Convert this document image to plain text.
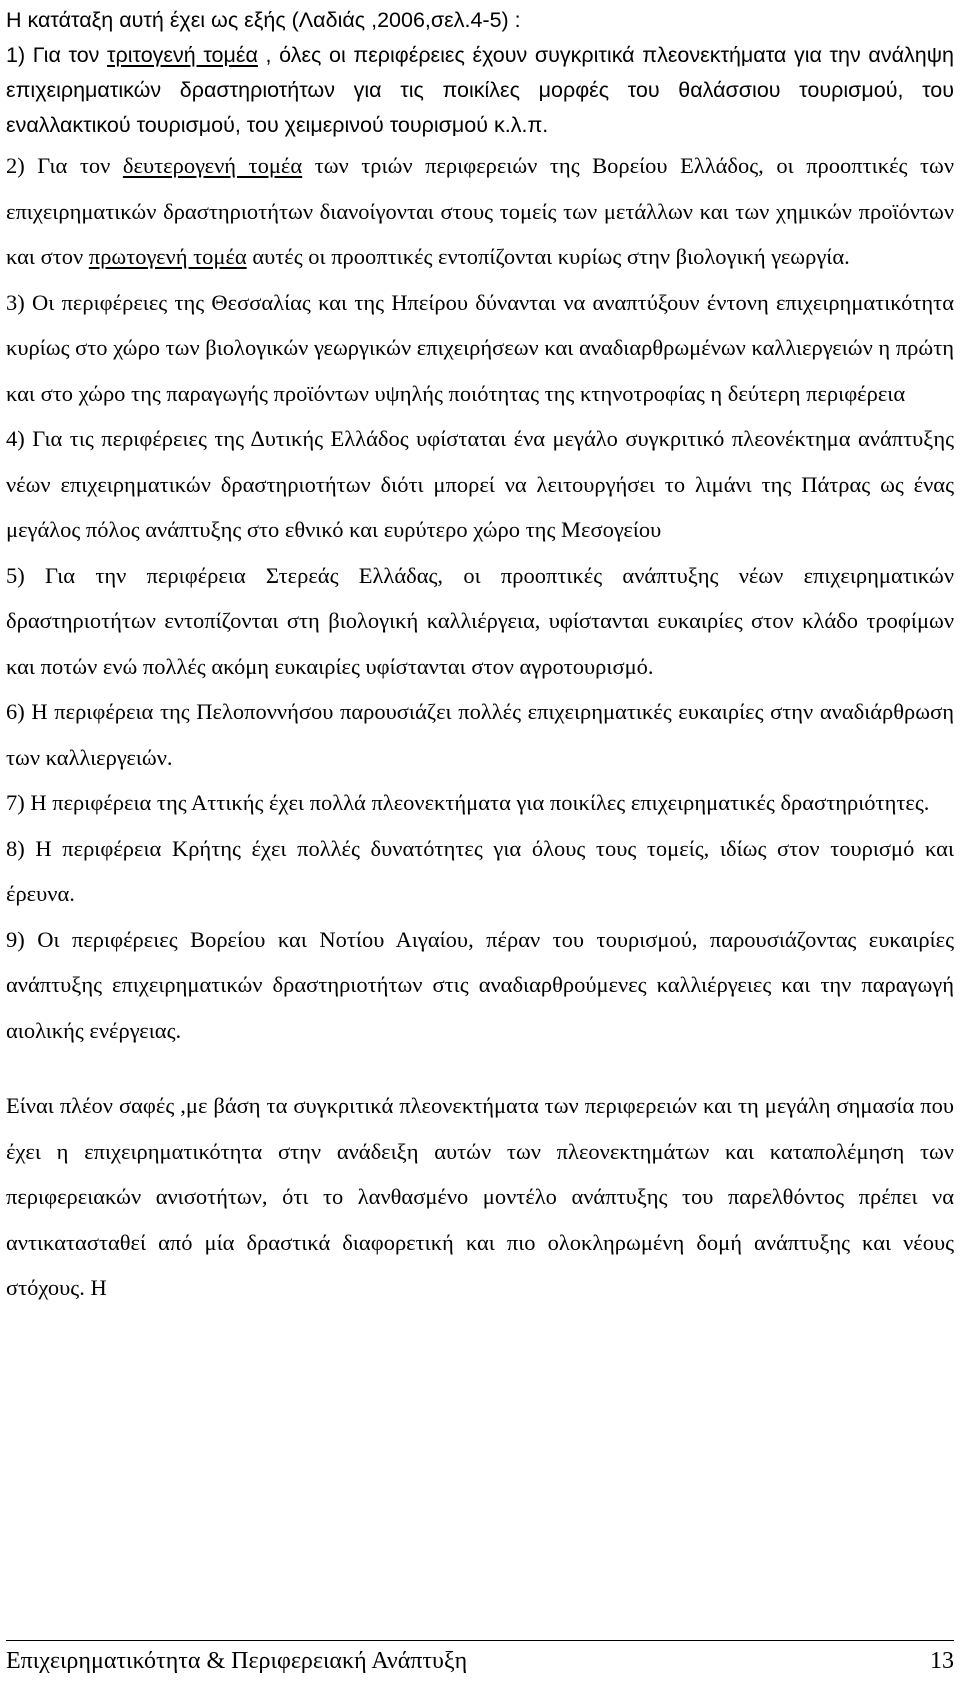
Η κατάταξη αυτή έχει ως εξής (Λαδιάς ,2006,σελ.4-5) :

1) Για τον τριτογενή τομέα , όλες οι περιφέρειες έχουν συγκριτικά πλεονεκτήματα για την ανάληψη επιχειρηματικών δραστηριοτήτων για τις ποικίλες μορφές του θαλάσσιου τουρισμού, του εναλλακτικού τουρισμού, του χειμερινού τουρισμού κ.λ.π.

2) Για τον δευτερογενή τομέα των τριών περιφερειών της Βορείου Ελλάδος, οι προοπτικές των επιχειρηματικών δραστηριοτήτων διανοίγονται στους τομείς των μετάλλων και των χημικών προϊόντων και στον πρωτογενή τομέα αυτές οι προοπτικές εντοπίζονται κυρίως στην βιολογική γεωργία.

3) Οι περιφέρειες της Θεσσαλίας και της Ηπείρου δύνανται να αναπτύξουν έντονη επιχειρηματικότητα κυρίως στο χώρο των βιολογικών γεωργικών επιχειρήσεων και αναδιαρθρωμένων καλλιεργειών η πρώτη και στο χώρο της παραγωγής προϊόντων υψηλής ποιότητας της κτηνοτροφίας η δεύτερη περιφέρεια

4) Για τις περιφέρειες της Δυτικής Ελλάδος υφίσταται ένα μεγάλο συγκριτικό πλεονέκτημα ανάπτυξης νέων επιχειρηματικών δραστηριοτήτων διότι μπορεί να λειτουργήσει το λιμάνι της Πάτρας ως ένας μεγάλος πόλος ανάπτυξης στο εθνικό και ευρύτερο χώρο της Μεσογείου

5) Για την περιφέρεια Στερεάς Ελλάδας, οι προοπτικές ανάπτυξης νέων επιχειρηματικών δραστηριοτήτων εντοπίζονται στη βιολογική καλλιέργεια, υφίστανται ευκαιρίες στον κλάδο τροφίμων και ποτών ενώ πολλές ακόμη ευκαιρίες υφίστανται στον αγροτουρισμό.

6) Η περιφέρεια της Πελοποννήσου παρουσιάζει πολλές επιχειρηματικές ευκαιρίες στην αναδιάρθρωση των καλλιεργειών.

7) Η περιφέρεια της Αττικής έχει πολλά πλεονεκτήματα για ποικίλες επιχειρηματικές δραστηριότητες.

8) Η περιφέρεια Κρήτης έχει πολλές δυνατότητες για όλους τους τομείς, ιδίως στον τουρισμό και έρευνα.

9) Οι περιφέρειες Βορείου και Νοτίου Αιγαίου, πέραν του τουρισμού, παρουσιάζοντας ευκαιρίες ανάπτυξης επιχειρηματικών δραστηριοτήτων στις αναδιαρθρούμενες καλλιέργειες και την παραγωγή αιολικής ενέργειας.

Είναι πλέον σαφές ,με βάση τα συγκριτικά πλεονεκτήματα των περιφερειών και τη μεγάλη σημασία που έχει η επιχειρηματικότητα στην ανάδειξη αυτών των πλεονεκτημάτων και καταπολέμηση των περιφερειακών ανισοτήτων, ότι το λανθασμένο μοντέλο ανάπτυξης του παρελθόντος πρέπει να αντικατασταθεί από μία δραστικά διαφορετική και πιο ολοκληρωμένη δομή ανάπτυξης και νέους στόχους. Η

Επιχειρηματικότητα & Περιφερειακή Ανάπτυξη	13
